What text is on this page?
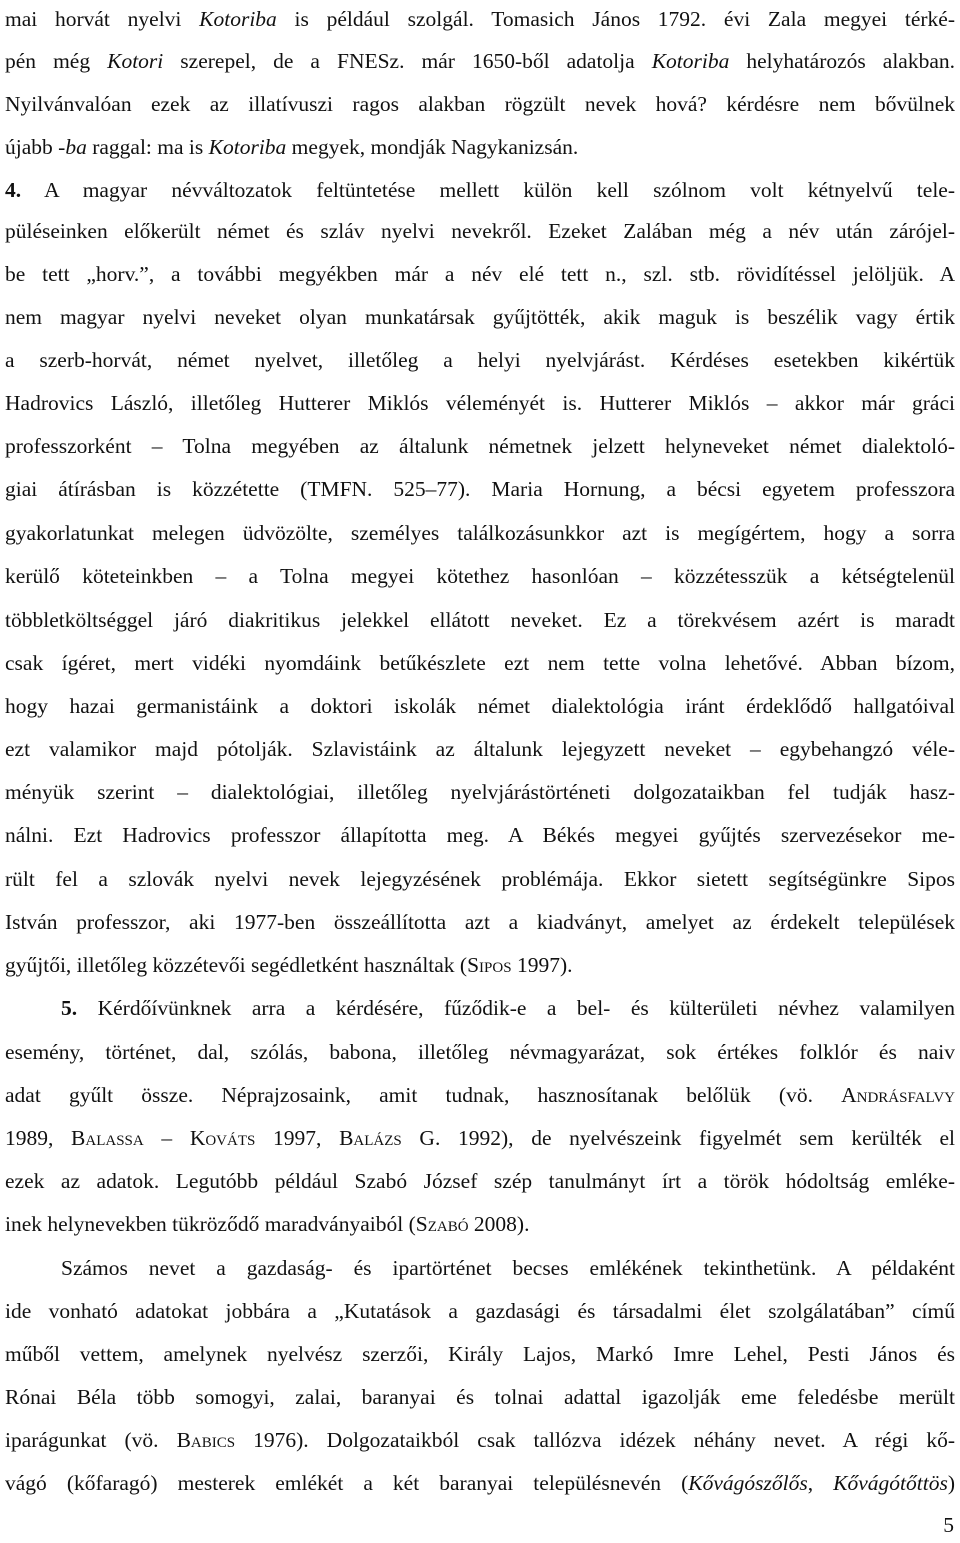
mai horvát nyelvi Kotoriba is például szolgál. Tomasich János 1792. évi Zala megyei térké-
pén még Kotori szerepel, de a FNESz. már 1650-ből adatolja Kotoriba helyhatározós alakban.
Nyilvánvalóan ezek az illatívuszi ragos alakban rögzült nevek hová? kérdésre nem bővülnek
újabb -ba raggal: ma is Kotoriba megyek, mondják Nagykanizsán.
4. A magyar névváltozatok feltüntetése mellett külön kell szólnom volt kétnyelvű tele-
püléseinken előkerült német és szláv nyelvi nevekről. Ezeket Zalában még a név után zárójel-
be tett „horv.”, a további megyékben már a név elé tett n., szl. stb. rövidítéssel jelöljük. A
nem magyar nyelvi neveket olyan munkatársak gyűjtötték, akik maguk is beszélik vagy értik
a szerb-horvát, német nyelvet, illetőleg a helyi nyelvjárást. Kérdéses esetekben kikértük
Hadrovics László, illetőleg Hutterer Miklós véleményét is. Hutterer Miklós – akkor már gráci
professzorként – Tolna megyében az általunk németnek jelzett helyneveket német dialektoló-
giai átírásban is közzétette (TMFN. 525–77). Maria Hornung, a bécsi egyetem professzora
gyakorlatunkat melegen üdvözölte, személyes találkozásunkkor azt is megígértem, hogy a sorra
kerülő köteteinkben – a Tolna megyei kötethez hasonlóan – közzétesszük a kétségtelenül
többletköltséggel járó diakritikus jelekkel ellátott neveket. Ez a törekvésem azért is maradt
csak ígéret, mert vidéki nyomdáink betűkészlete ezt nem tette volna lehetővé. Abban bízom,
hogy hazai germanistáink a doktori iskolák német dialektológia iránt érdeklődő hallgatóival
ezt valamikor majd pótolják. Szlavistáink az általunk lejegyzett neveket – egybehangzó véle-
ményük szerint – dialektológiai, illetőleg nyelvjárástörténeti dolgozataikban fel tudják hasz-
nálni. Ezt Hadrovics professzor állapította meg. A Békés megyei gyűjtés szervezésekor me-
rült fel a szlovák nyelvi nevek lejegyzésének problémája. Ekkor sietett segítségünkre Sipos
István professzor, aki 1977-ben összeállította azt a kiadványt, amelyet az érdekelt települések
gyűjtői, illetőleg közzétevői segédletként használtak (Sipos 1997).
5. Kérdőívünknek arra a kérdésére, fűződik-e a bel- és külterületi névhez valamilyen
esemény, történet, dal, szólás, babona, illetőleg névmagyarázat, sok értékes folklór és naiv
adat gyűlt össze. Néprajzosaink, amit tudnak, hasznosítanak belőlük (vö. Andrásfalvy
1989, Balassa – Kováts 1997, Balázs G. 1992), de nyelvészeink figyelmét sem kerülték el
ezek az adatok. Legutóbb például Szabó József szép tanulmányt írt a török hódoltság emléke-
inek helynevekben tükröződő maradványaiból (Szabó 2008).
Számos nevet a gazdaság- és ipartörténet becses emlékének tekinthetünk. A példaként
ide vonható adatokat jobbára a „Kutatások a gazdasági és társadalmi élet szolgálatában” című
műből vettem, amelynek nyelvész szerzői, Király Lajos, Markó Imre Lehel, Pesti János és
Rónai Béla több somogyi, zalai, baranyai és tolnai adattal igazolják eme feledésbe merült
iparágunkat (vö. Babics 1976). Dolgozataikból csak tallózva idézek néhány nevet. A régi kő-
vágó (kőfaragó) mesterek emlékét a két baranyai településnevén (Kővágószőlős, Kővágótőttös)
5
